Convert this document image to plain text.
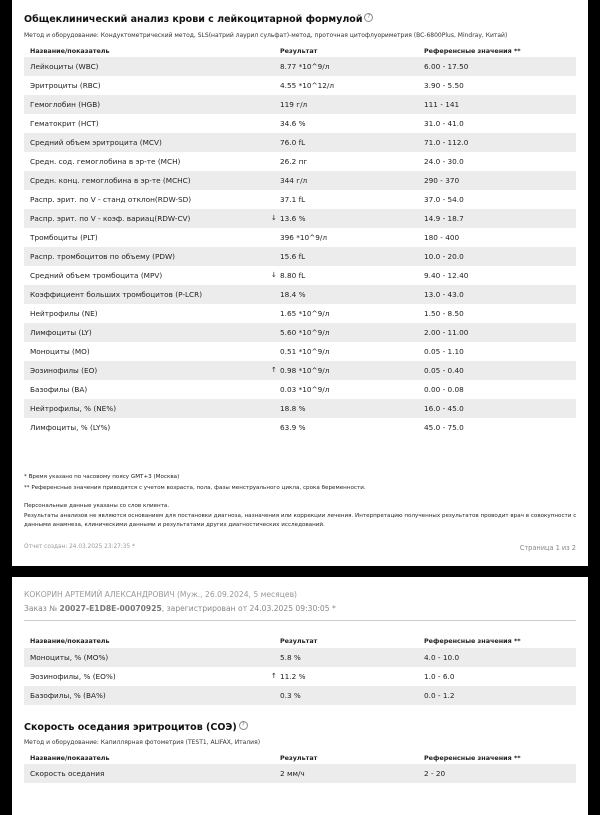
Общеклинический анализ крови с лейкоцитарной формулой ?
Метод и оборудование: Кондуктометрический метод, SLS(натрий лаурил сульфат)-метод, проточная цитофлуориметрия (BC-6800Plus, Mindray, Китай)
Название/показатель	Результат	Референсные значения **
Лейкоциты (WBC)	8.77 *10^9/л	6.00 - 17.50
Эритроциты (RBC)	4.55 *10^12/л	3.90 - 5.50
Гемоглобин (HGB)	119 г/л	111 - 141
Гематокрит (HCT)	34.6 %	31.0 - 41.0
Средний объем эритроцита (MCV)	76.0 fL	71.0 - 112.0
Средн. сод. гемоглобина в эр-те (MCH)	26.2 пг	24.0 - 30.0
Средн. конц. гемоглобина в эр-те (MCHC)	344 г/л	290 - 370
Распр. эрит. по V - станд отклон(RDW-SD)	37.1 fL	37.0 - 54.0
Распр. эрит. по V - коэф. вариац(RDW-CV)	↓ 13.6 %	14.9 - 18.7
Тромбоциты (PLT)	396 *10^9/л	180 - 400
Распр. тромбоцитов по объему (PDW)	15.6 fL	10.0 - 20.0
Средний объем тромбоцита (MPV)	↓ 8.80 fL	9.40 - 12.40
Коэффициент больших тромбоцитов (P-LCR)	18.4 %	13.0 - 43.0
Нейтрофилы (NE)	1.65 *10^9/л	1.50 - 8.50
Лимфоциты (LY)	5.60 *10^9/л	2.00 - 11.00
Моноциты (MO)	0.51 *10^9/л	0.05 - 1.10
Эозинофилы (EO)	↑ 0.98 *10^9/л	0.05 - 0.40
Базофилы (BA)	0.03 *10^9/л	0.00 - 0.08
Нейтрофилы, % (NE%)	18.8 %	16.0 - 45.0
Лимфоциты, % (LY%)	63.9 %	45.0 - 75.0
* Время указано по часовому поясу GMT+3 (Москва)
** Референсные значения приводятся с учетом возраста, пола, фазы менструального цикла, срока беременности.
Персональные данные указаны со слов клиента.
Результаты анализов не являются основанием для постановки диагноза, назначения или коррекции лечения. Интерпретацию полученных результатов проводит врач в совокупности с данными анамнеза, клиническими данными и результатами других диагностических исследований.
Отчет создан: 24.03.2025 23:27:35 *	Страница 1 из 2
КОКОРИН АРТЕМИЙ АЛЕКСАНДРОВИЧ (Муж., 26.09.2024, 5 месяцев)
Заказ № 20027-E1D8E-00070925, зарегистрирован от 24.03.2025 09:30:05 *
Название/показатель	Результат	Референсные значения **
Моноциты, % (MO%)	5.8 %	4.0 - 10.0
Эозинофилы, % (EO%)	↑ 11.2 %	1.0 - 6.0
Базофилы, % (BA%)	0.3 %	0.0 - 1.2
Скорость оседания эритроцитов (СОЭ) ?
Метод и оборудование: Капиллярная фотометрия (TEST1, ALIFAX, Италия)
Название/показатель	Результат	Референсные значения **
Скорость оседания	2 мм/ч	2 - 20
